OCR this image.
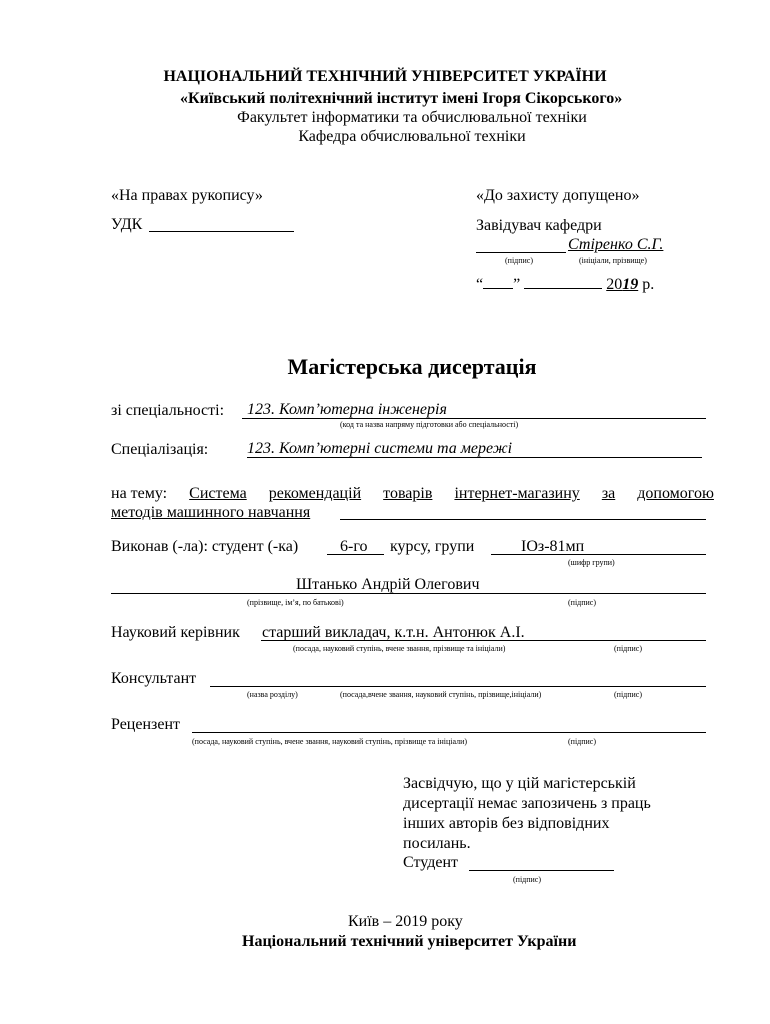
НАЦІОНАЛЬНИЙ ТЕХНІЧНИЙ УНІВЕРСИТЕТ УКРАЇНИ
«Київський політехнічний інститут імені Ігоря Сікорського»
Факультет інформатики та обчислювальної техніки
Кафедра обчислювальної техніки
«На правах рукопису»
УДК
«До захисту допущено»
Завідувач кафедри
Стіренко С.Г.
(підпис)	(ініціали, прізвище)
“ ”	2019 р.
Магістерська дисертація
зі спеціальності: 123. Комп’ютерна інженерія
(код та назва напряму підготовки або спеціальності)
Спеціалізація: 123. Комп’ютерні системи та мережі
на тему: Система рекомендацій товарів інтернет-магазину за допомогою
методів машинного навчання
Виконав (-ла): студент (-ка)	6-го курсу, групи	ІОз-81мп
(шифр групи)
Штанько Андрій Олегович
(прізвище, ім’я, по батькові)	(підпис)
Науковий керівник старший викладач, к.т.н. Антонюк А.І.
(посада, науковий ступінь, вчене звання, прізвище та ініціали)	(підпис)
Консультант
(назва розділу)	(посада,вчене звання, науковий ступінь, прізвище,ініціали)	(підпис)
Рецензент
(посада, науковий ступінь, вчене звання, науковий ступінь, прізвище та ініціали)	(підпис)
Засвідчую, що у цій магістерській
дисертації немає запозичень з праць
інших авторів без відповідних
посилань.
Студент
(підпис)
Київ – 2019 року
Національний технічний університет України
